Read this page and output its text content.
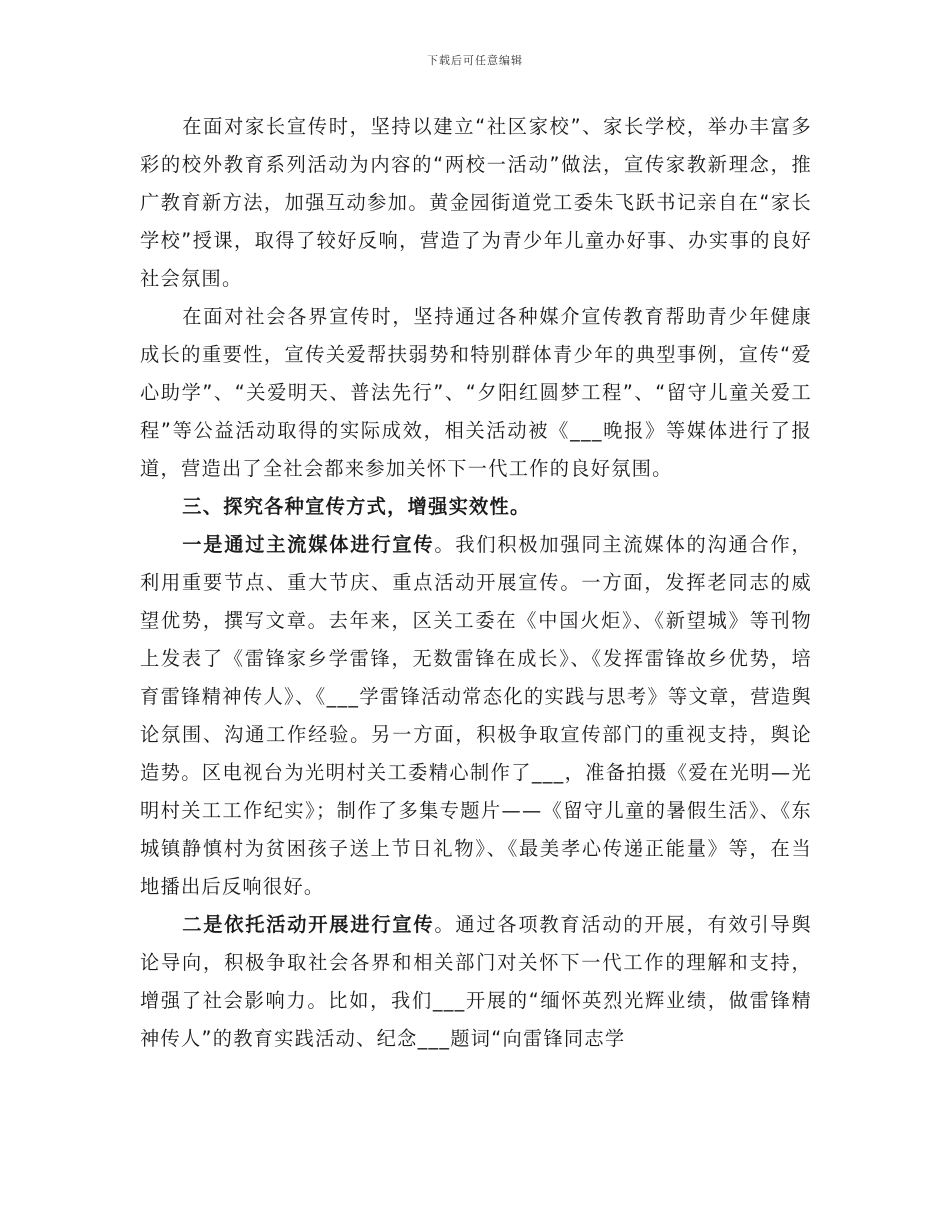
下载后可任意编辑

在面对家长宣传时，坚持以建立“社区家校”、家长学校，举办丰富多彩的校外教育系列活动为内容的“两校一活动”做法，宣传家教新理念，推广教育新方法，加强互动参加。黄金园街道党工委朱飞跃书记亲自在“家长学校”授课，取得了较好反响，营造了为青少年儿童办好事、办实事的良好社会氛围。

在面对社会各界宣传时，坚持通过各种媒介宣传教育帮助青少年健康成长的重要性，宣传关爱帮扶弱势和特别群体青少年的典型事例，宣传“爱心助学”、“关爱明天、普法先行”、“夕阳红圆梦工程”、“留守儿童关爱工程”等公益活动取得的实际成效，相关活动被《___晚报》等媒体进行了报道，营造出了全社会都来参加关怀下一代工作的良好氛围。

三、探究各种宣传方式，增强实效性。

一是通过主流媒体进行宣传。我们积极加强同主流媒体的沟通合作，利用重要节点、重大节庆、重点活动开展宣传。一方面，发挥老同志的威望优势，撰写文章。去年来，区关工委在《中国火炬》、《新望城》等刊物上发表了《雷锋家乡学雷锋，无数雷锋在成长》、《发挥雷锋故乡优势，培育雷锋精神传人》、《___学雷锋活动常态化的实践与思考》等文章，营造舆论氛围、沟通工作经验。另一方面，积极争取宣传部门的重视支持，舆论造势。区电视台为光明村关工委精心制作了___，准备拍摄《爱在光明—光明村关工工作纪实》；制作了多集专题片——《留守儿童的暑假生活》、《东城镇静慎村为贫困孩子送上节日礼物》、《最美孝心传递正能量》等，在当地播出后反响很好。

二是依托活动开展进行宣传。通过各项教育活动的开展，有效引导舆论导向，积极争取社会各界和相关部门对关怀下一代工作的理解和支持，增强了社会影响力。比如，我们___开展的“缅怀英烈光辉业绩，做雷锋精神传人”的教育实践活动、纪念___题词“向雷锋同志学
